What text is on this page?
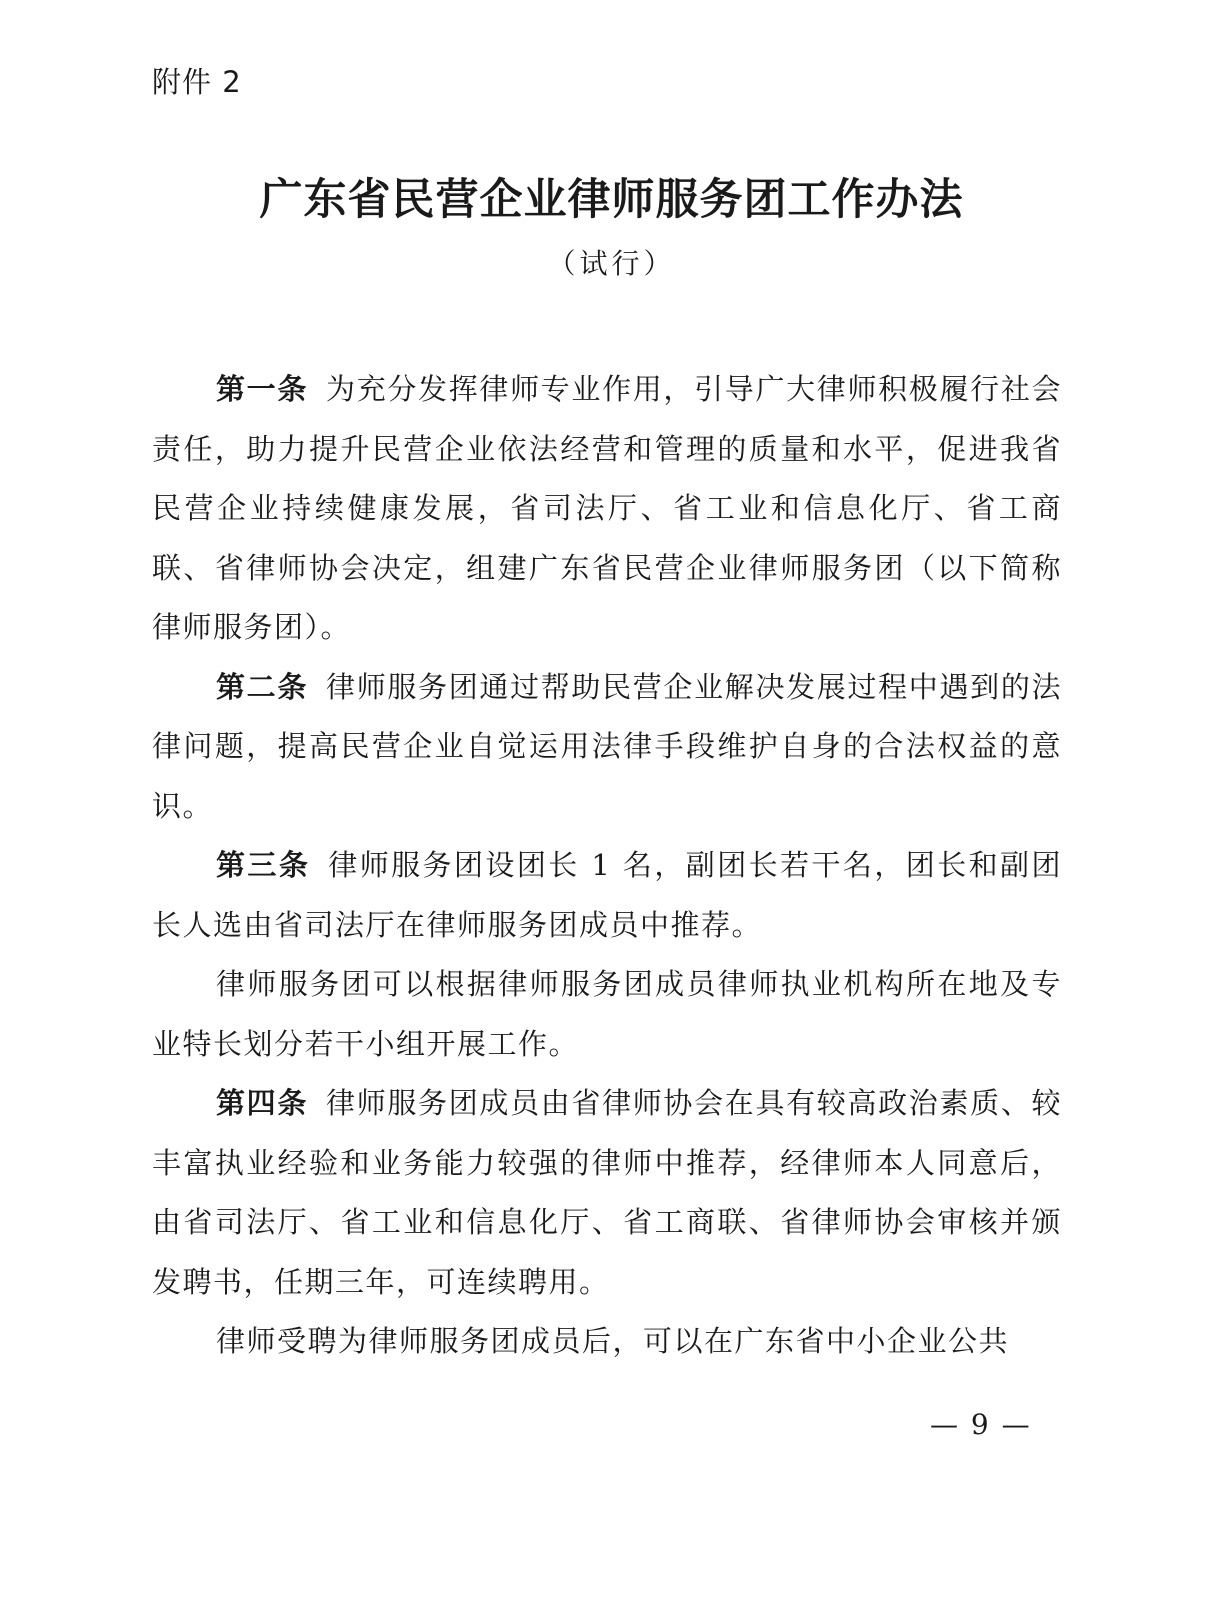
附件 2
广东省民营企业律师服务团工作办法
（试行）

第一条 为充分发挥律师专业作用，引导广大律师积极履行社会责任，助力提升民营企业依法经营和管理的质量和水平，促进我省民营企业持续健康发展，省司法厅、省工业和信息化厅、省工商联、省律师协会决定，组建广东省民营企业律师服务团（以下简称律师服务团）。

第二条 律师服务团通过帮助民营企业解决发展过程中遇到的法律问题，提高民营企业自觉运用法律手段维护自身的合法权益的意识。

第三条 律师服务团设团长 1 名，副团长若干名，团长和副团长人选由省司法厅在律师服务团成员中推荐。

律师服务团可以根据律师服务团成员律师执业机构所在地及专业特长划分若干小组开展工作。

第四条 律师服务团成员由省律师协会在具有较高政治素质、较丰富执业经验和业务能力较强的律师中推荐，经律师本人同意后，由省司法厅、省工业和信息化厅、省工商联、省律师协会审核并颁发聘书，任期三年，可连续聘用。

律师受聘为律师服务团成员后，可以在广东省中小企业公共

— 9 —
